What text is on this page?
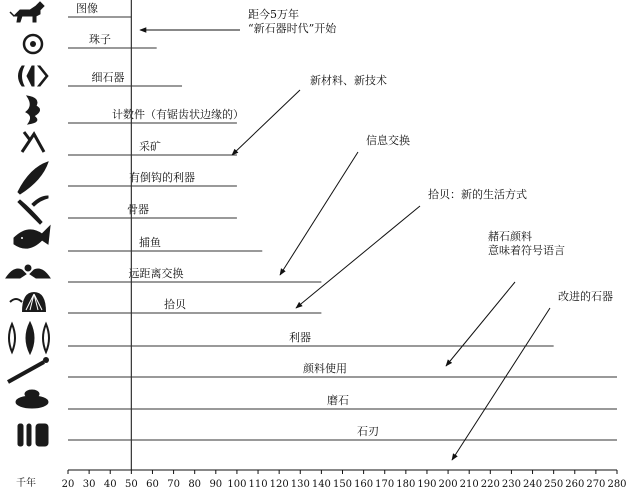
图像
珠子
细石器
计数件（有锯齿状边缘的）
采矿
有倒钩的利器
骨器
捕鱼
远距离交换
拾贝
利器
颜料使用
磨石
石刃
20 30 40 50 60 70 80 90 100 110 120 130 140 150 160 170 180 190 200 210 220 230 240 250 260 270 280
千年
距今5万年
“新石器时代”开始
新材料、新技术
信息交换
拾贝：新的生活方式
赭石颜料
意味着符号语言
改进的石器
